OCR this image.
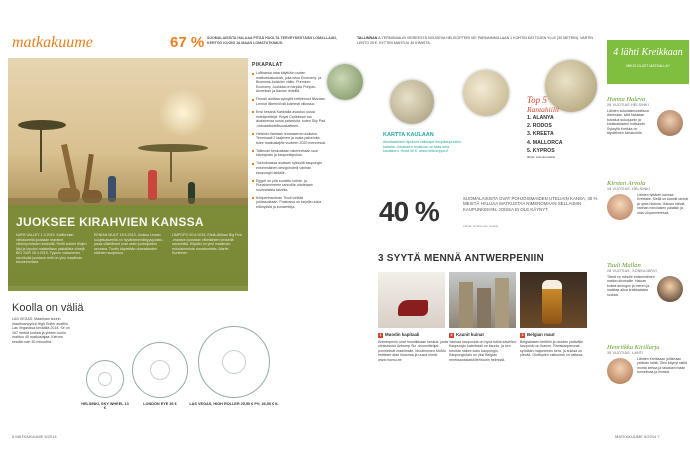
matkakuume	67 % SUOMALAISISTA HALUAA PITÄÄ HUOLTA TERVEYDESTÄÄN LOMALLAAN, KERTOO KUONI JA MAAN LOMATUTKIMUS.
JUOKSEE KIRAHVIEN KANSSA
NAPA VALLEY 1.3.2015. Kalifornian viinialueella juostaan maraton viiniköynnösten keskellä. Reitti kulkee tilojen läpi ja lopuksi maistellaan paikallisia viinejä. BIG SUR 26.4.2015. Tyynen valtameren rannikolla juostava reitti on yksi maailman kauneimmista.
KENIAN MUUT 16.5.2015. Juoksu Lewan suojelualueella on hyväntekeväisyysjuoksu, jossa villieläimet ovat usein juoksijoiden seurana. Tuotto käytetään uhanalaisten eläinten suojeluun.
LIMPOPO 20.6.2015. Etelä-Afrikan Big Five -maraton juostaan villieläinten keskellä savannilla. Kilpailu on yksi maailman erikoisimmista maratoneista. Martin Kurtinnen
PIKAPALAT
Lufthansa otaa käyttöön uuden matkustusluokan, joka istuu Economy- ja Business-luokkien väliin. Premium Economy -luokkaa on tarjolla Pohjois-Amerikan ja Aasian reiteillä.
Finnair aloittaa syksyllä reittilennot Nizzaan. Lennot liikennöivät kolmesti viikossa.
Ensi kesänä Karibialla avautuu uusia risteilyreittejä. Royal Caribbean tuo alukseensa uusia palveluita, kuten Sky Pad -virtuaalitodellisuuslaitteen.
Helsinki-Vantaan lentoasema uudistuu. Terminaali 2 laajenee ja uusia palveluita tulee matkustajille vuoteen 2020 mennessä.
Tallinnan keskustaan rakennetaan uusi kävelykatu ja kaupunkipuisto.
Tukholmassa avataan syksyllä kaupungin ensimmäinen designhotelli vanhan kaupungin laidalle.
Egypti on yhä suosittu kohde, ja Punaisenmeren rannoille odotetaan suomalaisia talvella.
Kööpenhaminan Tivoli viettää juhlavuottaan. Puistossa on tarjolla uusia elämyksiä ja konsertteja.
Koolla on väliä
LAS VEGAS. Maailman suurin maailmanpyörä High Roller avattiin Las Vegasissa keväällä 2014. Se on 167 metriä korkea ja yhteen koriin mahtuu 40 matkustajaa. Kierros kestää noin 30 minuuttia.
HELSINKI, SKY WHEEL 13 €
LONDON EYE 36 €	LAS VEGAS, HIGH ROLLER 25,50 € PV; 36,50 € IL
6 MATKAKUUME 5/2014
TALLINNAN A-TERMINAALIN VIEREESTÄ NOUSEVA HELIKOPTERI VIE PARHAIMMILLAAN 1 KOHTIN KATTOJEN YLLE (30 METRIN). VARTIN LENTO 25 €. HYTTIIN MAHTUU 30 IHMISTÄ.
KARTTA KAULAAN
Ainutlaatuiset riipukset vaikkapa lempikaupunkisi kartalla. Jokaiseen muistoon on taas oma kaulakoru. Hinta 30 €. www.hetkomppa.fi
Top 5
Rantahiilit
1. ALANYA
2. RODOS
3. KREETA
4. MALLORCA
5. KYPROS
lähde: Aurinkomatkat
40 %	SUOMALAISISTA OVAT POHJOISMAIDEN UTELIAIN KANSA; 40 % MEISTÄ HALUAA MATKUSTAA NIMENOMAAN SELLAISIIN KAUPUNKEIHIN, JOISSA EI OLE KÄYNYT.
Lähde: Hotels.com -kysely
3 SYYTÄ MENNÄ ANTWERPENIIN
1 Muodin kapitaali
Antwerpenin ovat muodikkaan keskus, josta niinkutsutut Antwerp Six -suunnittelijat ponnistivat maailmalle. Muotimuseo MoMu esittelee alan historiaa ja uusia nimiä. www.momu.be
2 Kaunit kuinat
Vanhaa kaupunkia on hyvä tutkia kävellen. Kaupungin katedraali on kaunis, ja sen tornista näkee koko kaupungin. Kaupungintalo on yksi Belgian renessanssiarkkitehtuurin helmistä.
3 Belgian maut
Belgialaisen keittiön ja oluiden ystävälle kaupunki on ihanne. Ranskanperunat syödään majoneesin kera, ja suklaa on ylevää. Oluttupien valikoima on valtava.
4 lähti Kreikkaan
MIKSI OLISIT MATKALLA?
Hanna Haleva
28 VUOTIAS HELSINKI
Lähden sukulaismuisteluun Ateenaan, sillä halutaan tutustua sukujuuriin ja kreikkalaiseen kulttuuriin. Syksyllä Kreikka on täydellinen lomakohde.
Kirsten Arvola
18 VUOTIAS, HELSINKI
Lähden tyttären kanssa Kreetalle. Siellä on kauniit rannat ja upea historia. Haluan nähdä vanhan minolaisen palatsin ja uida Libyanmeressä.
Tuuli Mallan
28 VUOTIAS, SONKAJÄRVI
Tämä on minulle ensimmäinen matka ulkomaille. Haluan kokea auringon ja meren ja maistaa aitoa kreikkalaista ruokaa.
Henriikka Kirillarju
39 VUOTIAS, LAHTI
Lähden Kreikkaan juhlimaan ystävän häitä. Olen käynyt siellä monta kertaa ja rakastan maan tunnelmaa ja ihmisiä.
MATKAKUUME 5/2014 7
